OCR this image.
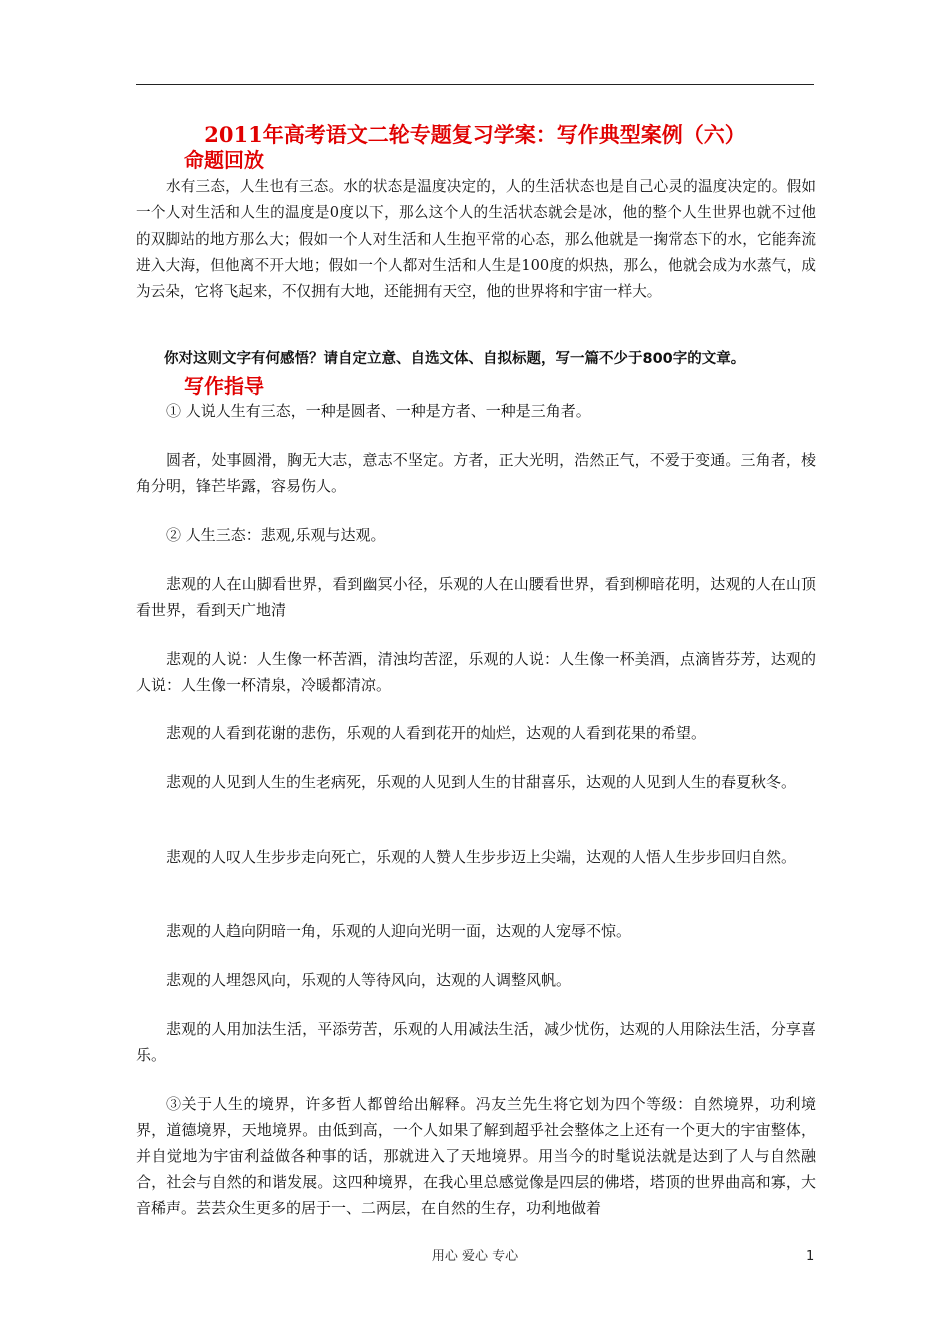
2011年高考语文二轮专题复习学案：写作典型案例（六）
命题回放

水有三态，人生也有三态。水的状态是温度决定的，人的生活状态也是自己心灵的温度决定的。假如一个人对生活和人生的温度是0度以下，那么这个人的生活状态就会是冰，他的整个人生世界也就不过他的双脚站的地方那么大；假如一个人对生活和人生抱平常的心态，那么他就是一掬常态下的水，它能奔流进入大海，但他离不开大地；假如一个人都对生活和人生是100度的炽热，那么，他就会成为水蒸气，成为云朵，它将飞起来，不仅拥有大地，还能拥有天空，他的世界将和宇宙一样大。

你对这则文字有何感悟？请自定立意、自选文体、自拟标题，写一篇不少于800字的文章。

写作指导

① 人说人生有三态，一种是圆者、一种是方者、一种是三角者。

圆者，处事圆滑，胸无大志，意志不坚定。方者，正大光明，浩然正气，不爱于变通。三角者，棱角分明，锋芒毕露，容易伤人。

② 人生三态：悲观,乐观与达观。

悲观的人在山脚看世界，看到幽冥小径，乐观的人在山腰看世界，看到柳暗花明，达观的人在山顶看世界，看到天广地清

悲观的人说：人生像一杯苦酒，清浊均苦涩，乐观的人说：人生像一杯美酒，点滴皆芬芳，达观的人说：人生像一杯清泉，冷暖都清凉。

悲观的人看到花谢的悲伤，乐观的人看到花开的灿烂，达观的人看到花果的希望。

悲观的人见到人生的生老病死，乐观的人见到人生的甘甜喜乐，达观的人见到人生的春夏秋冬。

悲观的人叹人生步步走向死亡，乐观的人赞人生步步迈上尖端，达观的人悟人生步步回归自然。

悲观的人趋向阴暗一角，乐观的人迎向光明一面，达观的人宠辱不惊。

悲观的人埋怨风向，乐观的人等待风向，达观的人调整风帆。

悲观的人用加法生活，平添劳苦，乐观的人用减法生活，减少忧伤，达观的人用除法生活，分享喜乐。

③关于人生的境界，许多哲人都曾给出解释。冯友兰先生将它划为四个等级：自然境界，功利境界，道德境界，天地境界。由低到高，一个人如果了解到超乎社会整体之上还有一个更大的宇宙整体，并自觉地为宇宙利益做各种事的话，那就进入了天地境界。用当今的时髦说法就是达到了人与自然融合，社会与自然的和谐发展。这四种境界，在我心里总感觉像是四层的佛塔，塔顶的世界曲高和寡，大音稀声。芸芸众生更多的居于一、二两层，在自然的生存，功利地做着

用心 爱心 专心	1
